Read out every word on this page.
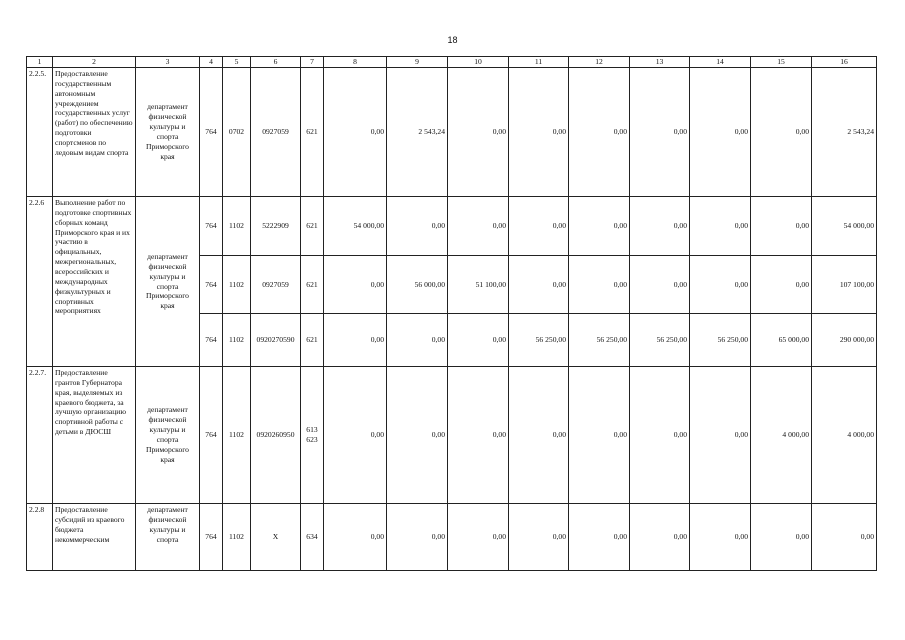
18
1	2	3	4	5	6	7	8	9	10	11	12	13	14	15	16
2.2.5.	Предоставление государственным автономным учреждением государственных услуг (работ) по обеспечению подготовки спортсменов по ледовым видам спорта	департамент физической культуры и спорта Приморского края	764	0702	0927059	621	0,00	2 543,24	0,00	0,00	0,00	0,00	0,00	0,00	2 543,24
2.2.6	Выполнение работ по подготовке спортивных сборных команд Приморского края и их участию в официальных, межрегиональных, всероссийских и международных физкультурных и спортивных мероприятиях	департамент физической культуры и спорта Приморского края	764	1102	5222909	621	54 000,00	0,00	0,00	0,00	0,00	0,00	0,00	0,00	54 000,00
			764	1102	0927059	621	0,00	56 000,00	51 100,00	0,00	0,00	0,00	0,00	0,00	107 100,00
			764	1102	0920270590	621	0,00	0,00	0,00	56 250,00	56 250,00	56 250,00	56 250,00	65 000,00	290 000,00
2.2.7.	Предоставление грантов Губернатора края, выделяемых из краевого бюджета, за лучшую организацию спортивной работы с детьми в ДЮСШ	департамент физической культуры и спорта Приморского края	764	1102	0920260950	613
623	0,00	0,00	0,00	0,00	0,00	0,00	0,00	4 000,00	4 000,00
2.2.8	Предоставление субсидий из краевого бюджета некоммерческим	департамент физической культуры и спорта	764	1102	Х	634	0,00	0,00	0,00	0,00	0,00	0,00	0,00	0,00	0,00
